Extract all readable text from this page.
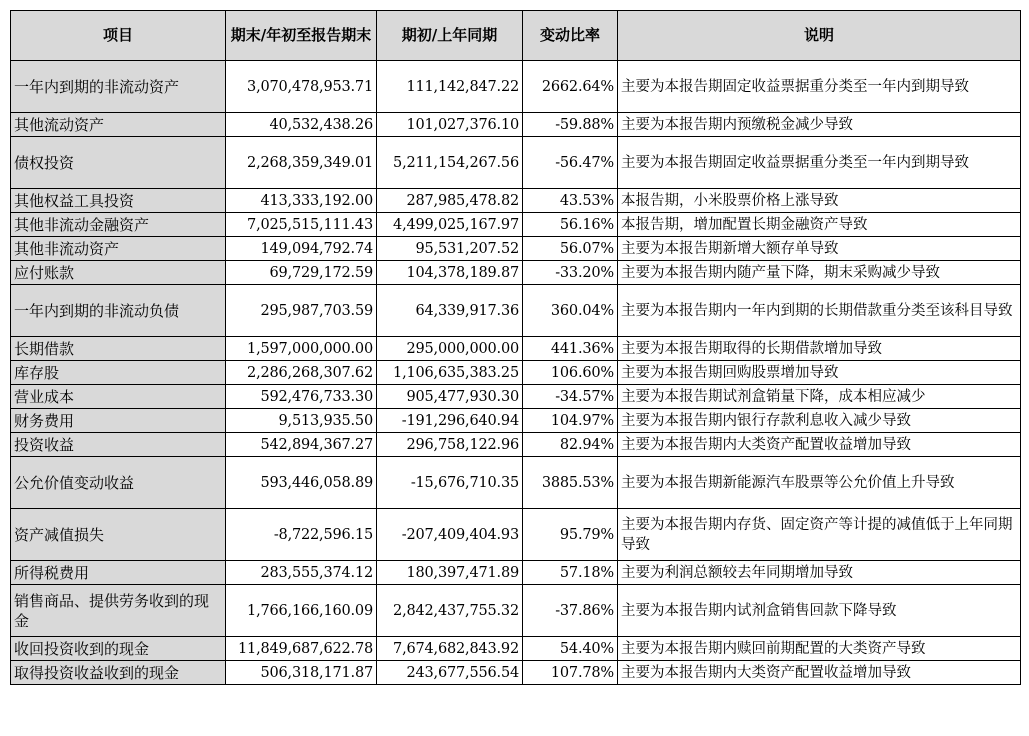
项目	期末/年初至报告期末	期初/上年同期	变动比率	说明
一年内到期的非流动资产	3,070,478,953.71	111,142,847.22	2662.64%	主要为本报告期固定收益票据重分类至一年内到期导致
其他流动资产	40,532,438.26	101,027,376.10	-59.88%	主要为本报告期内预缴税金减少导致
债权投资	2,268,359,349.01	5,211,154,267.56	-56.47%	主要为本报告期固定收益票据重分类至一年内到期导致
其他权益工具投资	413,333,192.00	287,985,478.82	43.53%	本报告期，小米股票价格上涨导致
其他非流动金融资产	7,025,515,111.43	4,499,025,167.97	56.16%	本报告期，增加配置长期金融资产导致
其他非流动资产	149,094,792.74	95,531,207.52	56.07%	主要为本报告期新增大额存单导致
应付账款	69,729,172.59	104,378,189.87	-33.20%	主要为本报告期内随产量下降，期末采购减少导致
一年内到期的非流动负债	295,987,703.59	64,339,917.36	360.04%	主要为本报告期内一年内到期的长期借款重分类至该科目导致
长期借款	1,597,000,000.00	295,000,000.00	441.36%	主要为本报告期取得的长期借款增加导致
库存股	2,286,268,307.62	1,106,635,383.25	106.60%	主要为本报告期回购股票增加导致
营业成本	592,476,733.30	905,477,930.30	-34.57%	主要为本报告期试剂盒销量下降，成本相应减少
财务费用	9,513,935.50	-191,296,640.94	104.97%	主要为本报告期内银行存款利息收入减少导致
投资收益	542,894,367.27	296,758,122.96	82.94%	主要为本报告期内大类资产配置收益增加导致
公允价值变动收益	593,446,058.89	-15,676,710.35	3885.53%	主要为本报告期新能源汽车股票等公允价值上升导致
资产减值损失	-8,722,596.15	-207,409,404.93	95.79%	主要为本报告期内存货、固定资产等计提的减值低于上年同期导致
所得税费用	283,555,374.12	180,397,471.89	57.18%	主要为利润总额较去年同期增加导致
销售商品、提供劳务收到的现金	1,766,166,160.09	2,842,437,755.32	-37.86%	主要为本报告期内试剂盒销售回款下降导致
收回投资收到的现金	11,849,687,622.78	7,674,682,843.92	54.40%	主要为本报告期内赎回前期配置的大类资产导致
取得投资收益收到的现金	506,318,171.87	243,677,556.54	107.78%	主要为本报告期内大类资产配置收益增加导致
